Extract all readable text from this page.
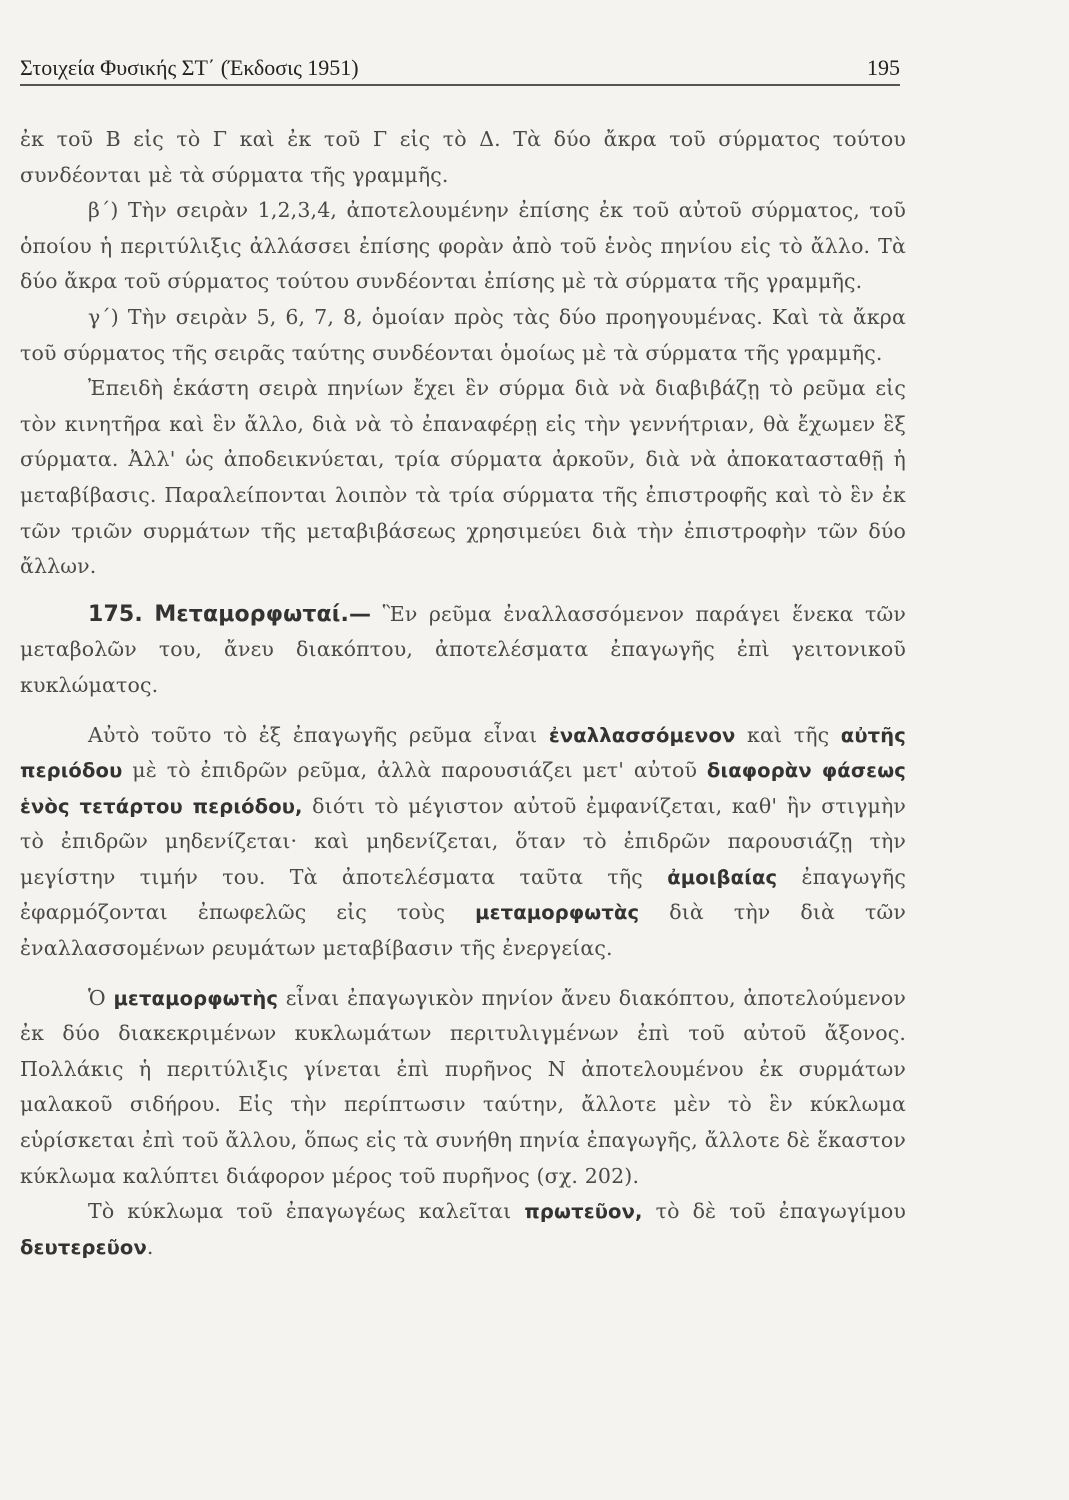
Στοιχεία Φυσικής ΣΤ΄ (Έκδοσις 1951)	195

ἐκ τοῦ Β εἰς τὸ Γ καὶ ἐκ τοῦ Γ εἰς τὸ Δ. Τὰ δύο ἄκρα τοῦ σύρματος τούτου συνδέονται μὲ τὰ σύρματα τῆς γραμμῆς.

β΄) Τὴν σειρὰν 1,2,3,4, ἀποτελουμένην ἐπίσης ἐκ τοῦ αὐτοῦ σύρματος, τοῦ ὁποίου ἡ περιτύλιξις ἀλλάσσει ἐπίσης φορὰν ἀπὸ τοῦ ἑνὸς πηνίου εἰς τὸ ἄλλο. Τὰ δύο ἄκρα τοῦ σύρματος τούτου συνδέονται ἐπίσης μὲ τὰ σύρματα τῆς γραμμῆς.

γ΄) Τὴν σειρὰν 5, 6, 7, 8, ὁμοίαν πρὸς τὰς δύο προηγουμένας. Καὶ τὰ ἄκρα τοῦ σύρματος τῆς σειρᾶς ταύτης συνδέονται ὁμοίως μὲ τὰ σύρματα τῆς γραμμῆς.

Ἐπειδὴ ἑκάστη σειρὰ πηνίων ἔχει ἓν σύρμα διὰ νὰ διαβιβάζῃ τὸ ρεῦμα εἰς τὸν κινητῆρα καὶ ἓν ἄλλο, διὰ νὰ τὸ ἐπαναφέρῃ εἰς τὴν γεννήτριαν, θὰ ἔχωμεν ἓξ σύρματα. Ἀλλ' ὡς ἀποδεικνύεται, τρία σύρματα ἀρκοῦν, διὰ νὰ ἀποκατασταθῇ ἡ μεταβίβασις. Παραλείπονται λοιπὸν τὰ τρία σύρματα τῆς ἐπιστροφῆς καὶ τὸ ἓν ἐκ τῶν τριῶν συρμάτων τῆς μεταβιβάσεως χρησιμεύει διὰ τὴν ἐπιστροφὴν τῶν δύο ἄλλων.

175. Μεταμορφωταί.— Ἓν ρεῦμα ἐναλλασσόμενον παράγει ἕνεκα τῶν μεταβολῶν του, ἄνευ διακόπτου, ἀποτελέσματα ἐπαγωγῆς ἐπὶ γειτονικοῦ κυκλώματος.

Αὐτὸ τοῦτο τὸ ἐξ ἐπαγωγῆς ρεῦμα εἶναι ἐναλλασσόμενον καὶ τῆς αὐτῆς περιόδου μὲ τὸ ἐπιδρῶν ρεῦμα, ἀλλὰ παρουσιάζει μετ' αὐτοῦ διαφορὰν φάσεως ἑνὸς τετάρτου περιόδου, διότι τὸ μέγιστον αὐτοῦ ἐμφανίζεται, καθ' ἣν στιγμὴν τὸ ἐπιδρῶν μηδενίζεται· καὶ μηδενίζεται, ὅταν τὸ ἐπιδρῶν παρουσιάζῃ τὴν μεγίστην τιμήν του. Τὰ ἀποτελέσματα ταῦτα τῆς ἀμοιβαίας ἐπαγωγῆς ἐφαρμόζονται ἐπωφελῶς εἰς τοὺς μεταμορφωτὰς διὰ τὴν διὰ τῶν ἐναλλασσομένων ρευμάτων μεταβίβασιν τῆς ἐνεργείας.

Ὁ μεταμορφωτὴς εἶναι ἐπαγωγικὸν πηνίον ἄνευ διακόπτου, ἀποτελούμενον ἐκ δύο διακεκριμένων κυκλωμάτων περιτυλιγμένων ἐπὶ τοῦ αὐτοῦ ἄξονος. Πολλάκις ἡ περιτύλιξις γίνεται ἐπὶ πυρῆνος Ν ἀποτελουμένου ἐκ συρμάτων μαλακοῦ σιδήρου. Εἰς τὴν περίπτωσιν ταύτην, ἄλλοτε μὲν τὸ ἓν κύκλωμα εὑρίσκεται ἐπὶ τοῦ ἄλλου, ὅπως εἰς τὰ συνήθη πηνία ἐπαγωγῆς, ἄλλοτε δὲ ἕκαστον κύκλωμα καλύπτει διάφορον μέρος τοῦ πυρῆνος (σχ. 202).

Τὸ κύκλωμα τοῦ ἐπαγωγέως καλεῖται πρωτεῦον, τὸ δὲ τοῦ ἐπαγωγίμου δευτερεῦον.
